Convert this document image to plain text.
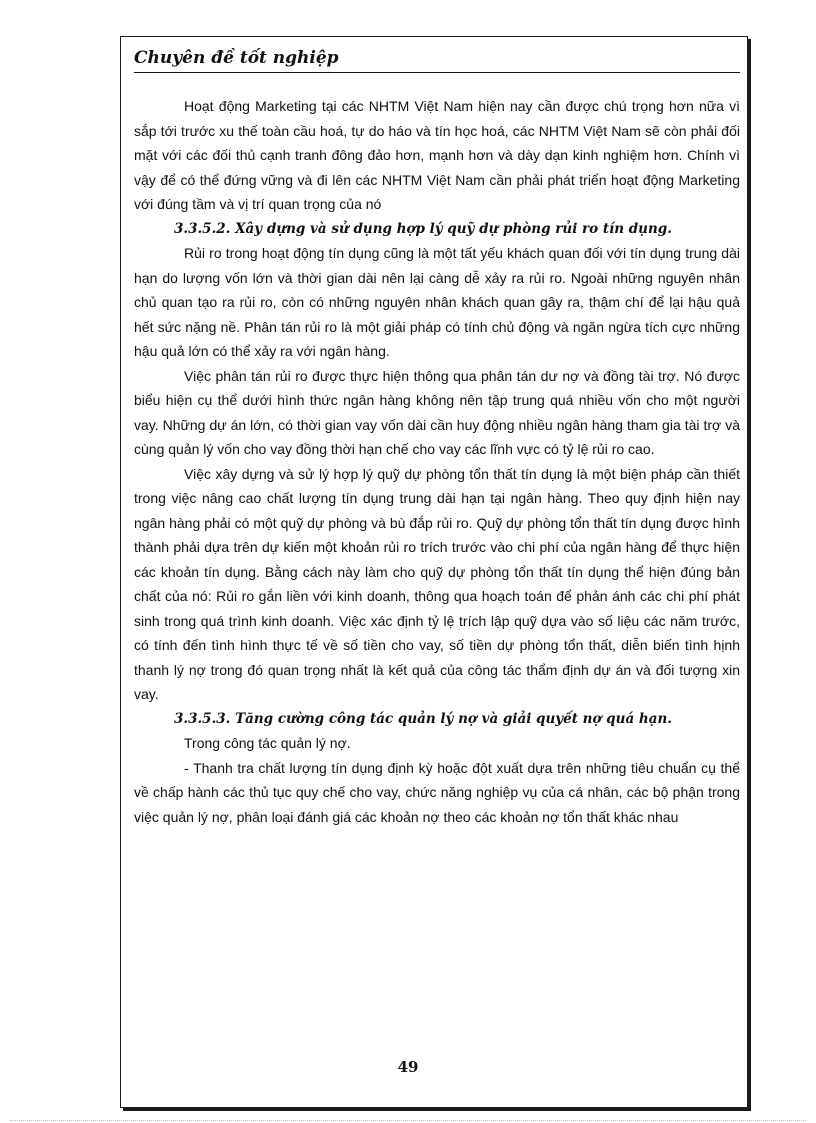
Chuyên đề tốt nghiệp

Hoạt động Marketing tại các NHTM Việt Nam hiện nay cần được chú trọng hơn nữa vì sắp tới trước xu thế toàn cầu hoá, tự do háo và tín học hoá, các NHTM Việt Nam sẽ còn phải đối mặt với các đối thủ cạnh tranh đông đảo hơn, mạnh hơn và dày dạn kinh nghiệm hơn. Chính vì vậy để có thể đứng vững và đi lên các NHTM Việt Nam cần phải phát triển hoạt động Marketing với đúng tầm và vị trí quan trọng của nó

3.3.5.2. Xây dựng và sử dụng hợp lý quỹ dự phòng rủi ro tín dụng.

Rủi ro trong hoạt động tín dụng cũng là một tất yếu khách quan đối với tín dụng trung dài hạn do lượng vốn lớn và thời gian dài nên lại càng dễ xảy ra rủi ro. Ngoài những nguyên nhân chủ quan tạo ra rủi ro, còn có những nguyên nhân khách quan gây ra, thậm chí để lại hậu quả hết sức nặng nề. Phân tán rủi ro là một giải pháp có tính chủ động và ngăn ngừa tích cực những hậu quả lớn có thể xảy ra với ngân hàng.

Việc phân tán rủi ro được thực hiện thông qua phân tán dư nợ và đồng tài trợ. Nó được biểu hiện cụ thể dưới hình thức ngân hàng không nên tập trung quá nhiều vốn cho một người vay. Những dự án lớn, có thời gian vay vốn dài cần huy động nhiều ngân hàng tham gia tài trợ và cùng quản lý vốn cho vay đồng thời hạn chế cho vay các lĩnh vực có tỷ lệ rủi ro cao.

Việc xây dựng và sử lý hợp lý quỹ dự phòng tổn thất tín dụng là một biện pháp cần thiết trong việc nâng cao chất lượng tín dụng trung dài hạn tại ngân hàng. Theo quy định hiện nay ngân hàng phải có một quỹ dự phòng và bù đắp rủi ro. Quỹ dự phòng tổn thất tín dụng được hình thành phải dựa trên dự kiến một khoản rủi ro trích trước vào chi phí của ngân hàng để thực hiện các khoản tín dụng. Bằng cách này làm cho quỹ dự phòng tổn thất tín dụng thể hiện đúng bản chất của nó: Rủi ro gắn liền với kinh doanh, thông qua hoạch toán để phản ánh các chi phí phát sinh trong quá trình kinh doanh. Việc xác định tỷ lệ trích lập quỹ dựa vào số liệu các năm trước, có tính đến tình hình thực tế về số tiền cho vay, số tiền dự phòng tổn thất, diễn biến tình hịnh thanh lý nợ trong đó quan trọng nhất là kết quả của công tác thẩm định dự án và đối tượng xin vay.

3.3.5.3. Tăng cường công tác quản lý nợ và giải quyết nợ quá hạn.

Trong công tác quản lý nợ.

- Thanh tra chất lượng tín dụng định kỳ hoặc đột xuất dựa trên những tiêu chuẩn cụ thể về chấp hành các thủ tục quy chế cho vay, chức năng nghiệp vụ của cá nhân, các bộ phận trong việc quản lý nợ, phân loại đánh giá các khoản nợ theo các khoản nợ tổn thất khác nhau

49
